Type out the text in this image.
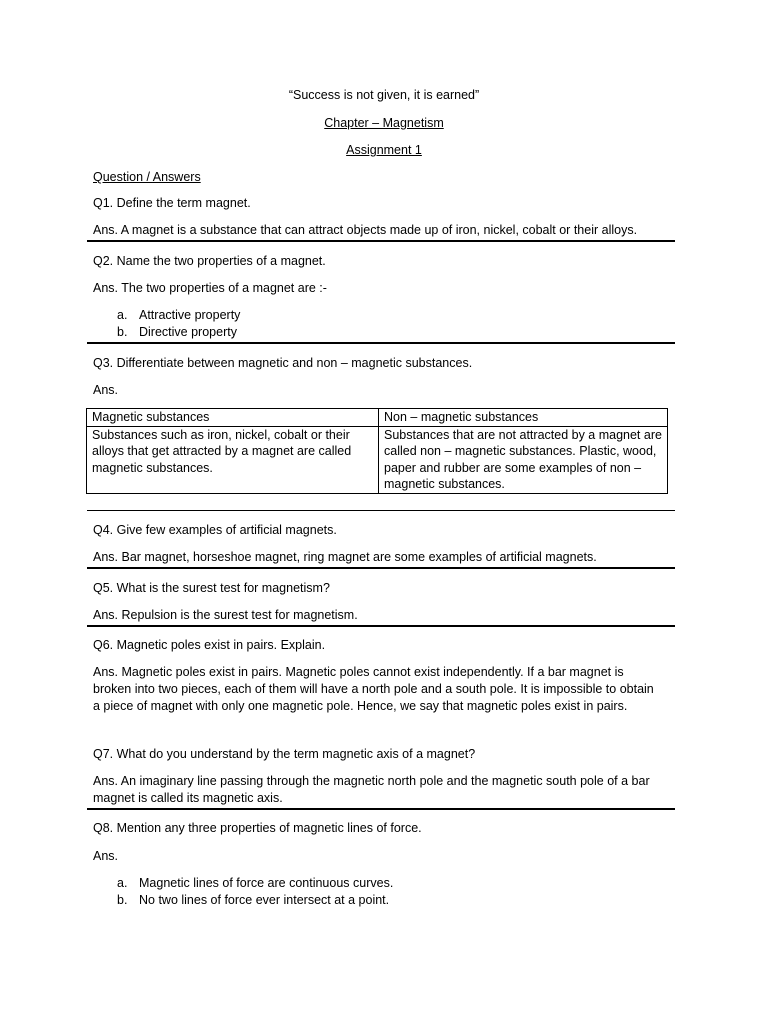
“Success is not given, it is earned”
Chapter – Magnetism
Assignment 1
Question / Answers
Q1. Define the term magnet.
Ans. A magnet is a substance that can attract objects made up of iron, nickel, cobalt or their alloys.
Q2. Name the two properties of a magnet.
Ans. The two properties of a magnet are :-
a. Attractive property
b. Directive property
Q3. Differentiate between magnetic and non – magnetic substances.
Ans.
Magnetic substances	Non – magnetic substances
Substances such as iron, nickel, cobalt or their alloys that get attracted by a magnet are called magnetic substances.	Substances that are not attracted by a magnet are called non – magnetic substances. Plastic, wood, paper and rubber are some examples of non – magnetic substances.
Q4. Give few examples of artificial magnets.
Ans. Bar magnet, horseshoe magnet, ring magnet are some examples of artificial magnets.
Q5. What is the surest test for magnetism?
Ans. Repulsion is the surest test for magnetism.
Q6. Magnetic poles exist in pairs. Explain.
Ans. Magnetic poles exist in pairs. Magnetic poles cannot exist independently. If a bar magnet is broken into two pieces, each of them will have a north pole and a south pole. It is impossible to obtain a piece of magnet with only one magnetic pole. Hence, we say that magnetic poles exist in pairs.
Q7. What do you understand by the term magnetic axis of a magnet?
Ans. An imaginary line passing through the magnetic north pole and the magnetic south pole of a bar magnet is called its magnetic axis.
Q8. Mention any three properties of magnetic lines of force.
Ans.
a. Magnetic lines of force are continuous curves.
b. No two lines of force ever intersect at a point.
